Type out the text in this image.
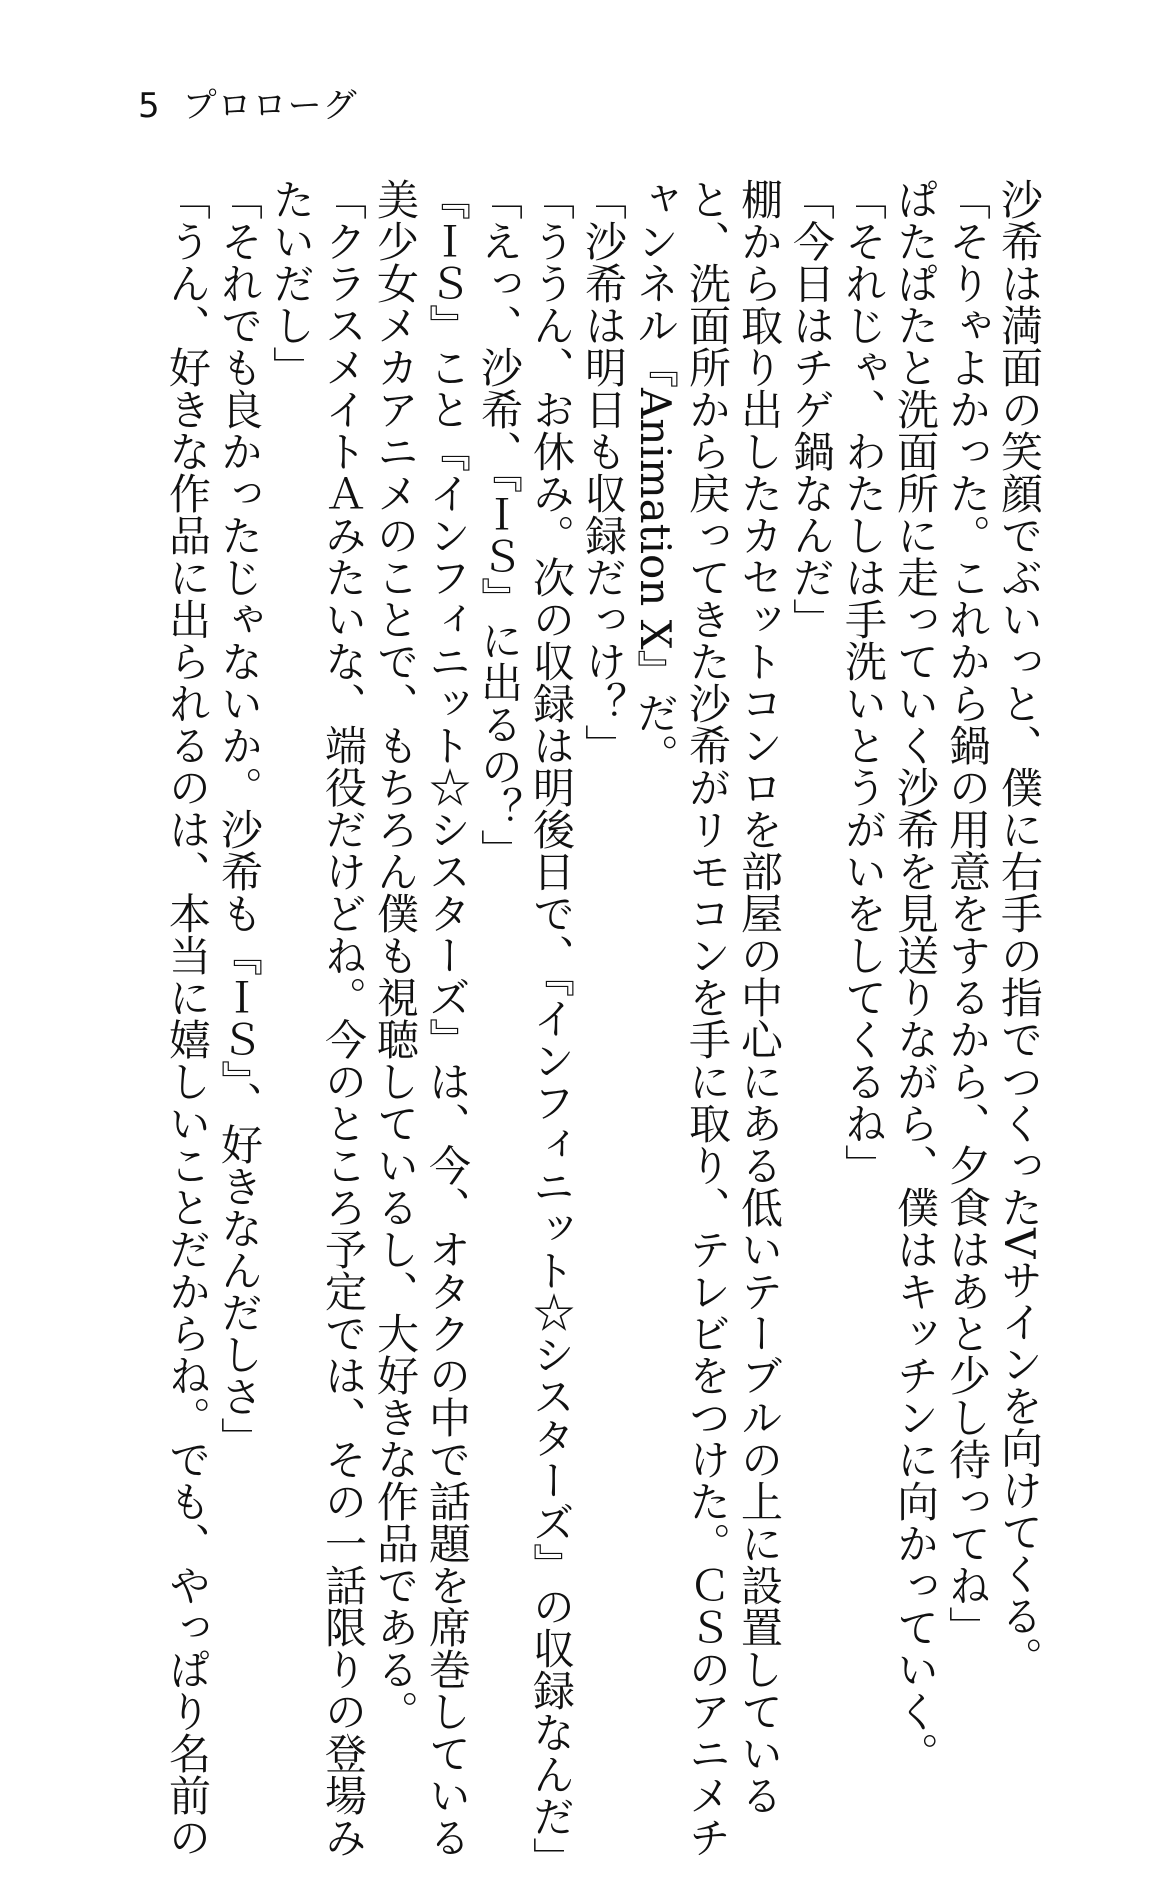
5 プロローグ
沙希は満面の笑顔でぶいっと、僕に右手の指でつくったVサインを向けてくる。
「そりゃよかった。これから鍋の用意をするから、夕食はあと少し待ってね」
ぱたぱたと洗面所に走っていく沙希を見送りながら、僕はキッチンに向かっていく。
「それじゃ、わたしは手洗いとうがいをしてくるね」
「今日はチゲ鍋なんだ」
棚から取り出したカセットコンロを部屋の中心にある低いテーブルの上に設置している
と、洗面所から戻ってきた沙希がリモコンを手に取り、テレビをつけた。ＣＳのアニメチ
ャンネル『Animation X』だ。
「沙希は明日も収録だっけ？」
「ううん、お休み。次の収録は明後日で、『インフィニット☆シスターズ』の収録なんだ」
「えっ、沙希、『ＩＳ』に出るの？」
『ＩＳ』こと『インフィニット☆シスターズ』は、今、オタクの中で話題を席巻している
美少女メカアニメのことで、もちろん僕も視聴しているし、大好きな作品である。
「クラスメイトＡみたいな、端役だけどね。今のところ予定では、その一話限りの登場み
たいだし」
「それでも良かったじゃないか。沙希も『ＩＳ』、好きなんだしさ」
「うん、好きな作品に出られるのは、本当に嬉しいことだからね。でも、やっぱり名前の
